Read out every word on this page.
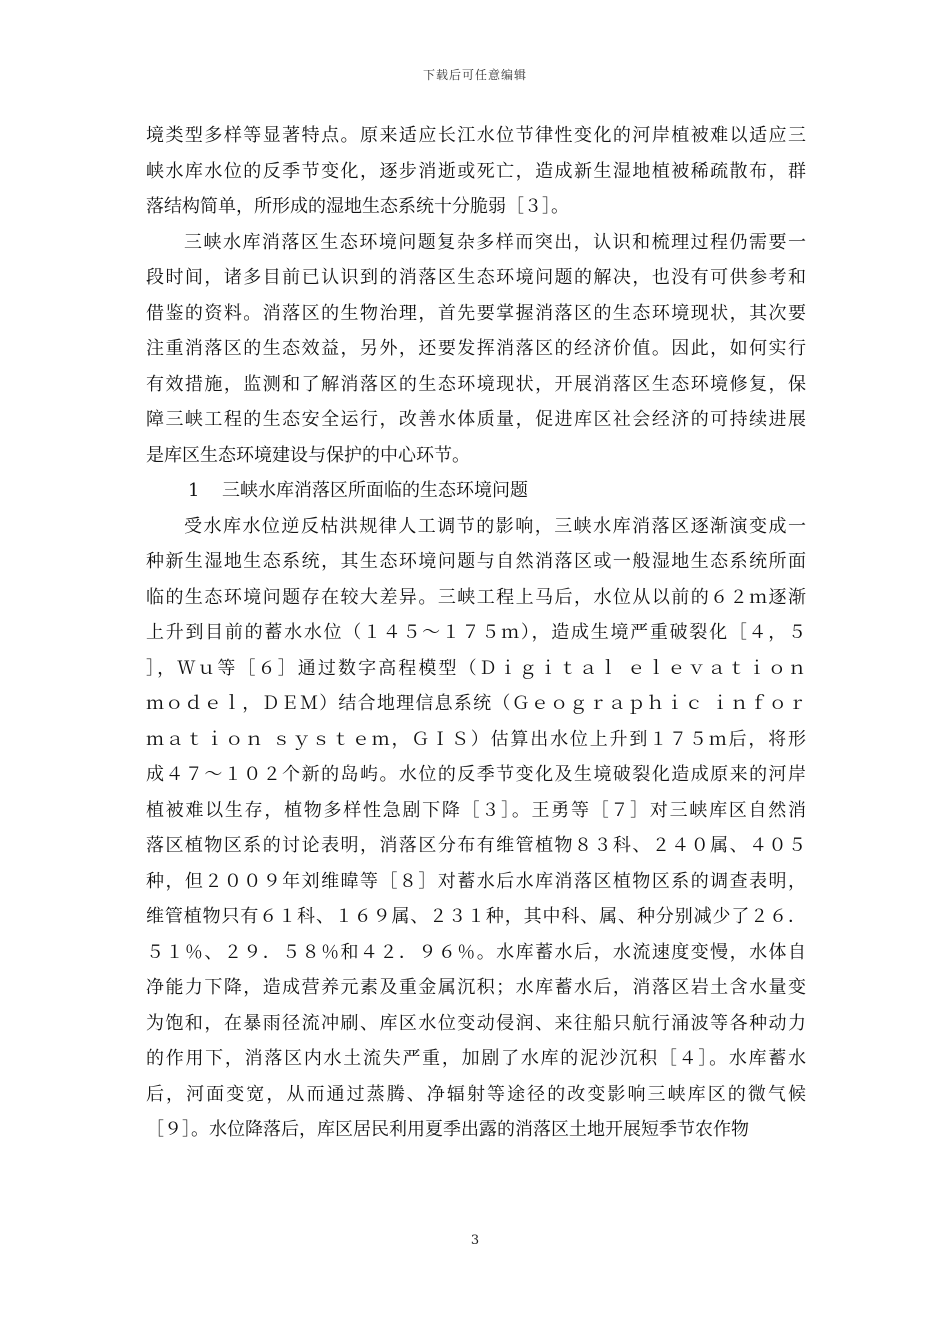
下载后可任意编辑
境类型多样等显著特点。原来适应长江水位节律性变化的河岸植被难以适应三
峡水库水位的反季节变化，逐步消逝或死亡，造成新生湿地植被稀疏散布，群
落结构简单，所形成的湿地生态系统十分脆弱［３］。
三峡水库消落区生态环境问题复杂多样而突出，认识和梳理过程仍需要一
段时间，诸多目前已认识到的消落区生态环境问题的解决，也没有可供参考和
借鉴的资料。消落区的生物治理，首先要掌握消落区的生态环境现状，其次要
注重消落区的生态效益，另外，还要发挥消落区的经济价值。因此，如何实行
有效措施，监测和了解消落区的生态环境现状，开展消落区生态环境修复，保
障三峡工程的生态安全运行，改善水体质量，促进库区社会经济的可持续进展
是库区生态环境建设与保护的中心环节。
1 三峡水库消落区所面临的生态环境问题
受水库水位逆反枯洪规律人工调节的影响，三峡水库消落区逐渐演变成一
种新生湿地生态系统，其生态环境问题与自然消落区或一般湿地生态系统所面
临的生态环境问题存在较大差异。三峡工程上马后，水位从以前的６２ｍ逐渐
上升到目前的蓄水水位（１４５～１７５ｍ），造成生境严重破裂化［４，５
］，Ｗｕ等［６］通过数字高程模型（Ｄｉｇｉｔａｌ ｅｌｅｖａｔｉｏｎ
ｍｏｄｅｌ，ＤＥＭ）结合地理信息系统（Ｇｅｏｇｒａｐｈｉｃ ｉｎｆｏｒ
ｍａｔｉｏｎ ｓｙｓｔｅｍ，ＧＩＳ）估算出水位上升到１７５ｍ后，将形
成４７～１０２个新的岛屿。水位的反季节变化及生境破裂化造成原来的河岸
植被难以生存，植物多样性急剧下降［３］。王勇等［７］对三峡库区自然消
落区植物区系的讨论表明，消落区分布有维管植物８３科、２４０属、４０５
种，但２００９年刘维暐等［８］对蓄水后水库消落区植物区系的调查表明，
维管植物只有６１科、１６９属、２３１种，其中科、属、种分别减少了２６．
５１％、２９．５８％和４２．９６％。水库蓄水后，水流速度变慢，水体自
净能力下降，造成营养元素及重金属沉积；水库蓄水后，消落区岩土含水量变
为饱和，在暴雨径流冲刷、库区水位变动侵润、来往船只航行涌波等各种动力
的作用下，消落区内水土流失严重，加剧了水库的泥沙沉积［４］。水库蓄水
后，河面变宽，从而通过蒸腾、净辐射等途径的改变影响三峡库区的微气候
［９］。水位降落后，库区居民利用夏季出露的消落区土地开展短季节农作物
3
